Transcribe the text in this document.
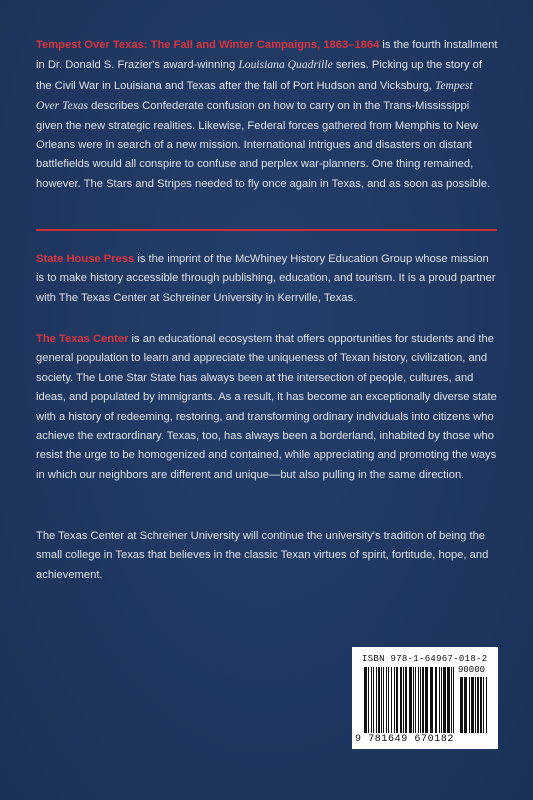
Tempest Over Texas: The Fall and Winter Campaigns, 1863–1864 is the fourth installment in Dr. Donald S. Frazier's award-winning Louisiana Quadrille series. Picking up the story of the Civil War in Louisiana and Texas after the fall of Port Hudson and Vicksburg, Tempest Over Texas describes Confederate confusion on how to carry on in the Trans-Mississippi given the new strategic realities. Likewise, Federal forces gathered from Memphis to New Orleans were in search of a new mission. International intrigues and disasters on distant battlefields would all conspire to confuse and perplex war-planners. One thing remained, however. The Stars and Stripes needed to fly once again in Texas, and as soon as possible.

State House Press is the imprint of the McWhiney History Education Group whose mission is to make history accessible through publishing, education, and tourism. It is a proud partner with The Texas Center at Schreiner University in Kerrville, Texas.

The Texas Center is an educational ecosystem that offers opportunities for students and the general population to learn and appreciate the uniqueness of Texan history, civilization, and society. The Lone Star State has always been at the intersection of people, cultures, and ideas, and populated by immigrants. As a result, it has become an exceptionally diverse state with a history of redeeming, restoring, and transforming ordinary individuals into citizens who achieve the extraordinary. Texas, too, has always been a borderland, inhabited by those who resist the urge to be homogenized and contained, while appreciating and promoting the ways in which our neighbors are different and unique—but also pulling in the same direction.

The Texas Center at Schreiner University will continue the university's tradition of being the small college in Texas that believes in the classic Texan virtues of spirit, fortitude, hope, and achievement.

ISBN 978-1-64967-018-2
90000
9 781649 670182
